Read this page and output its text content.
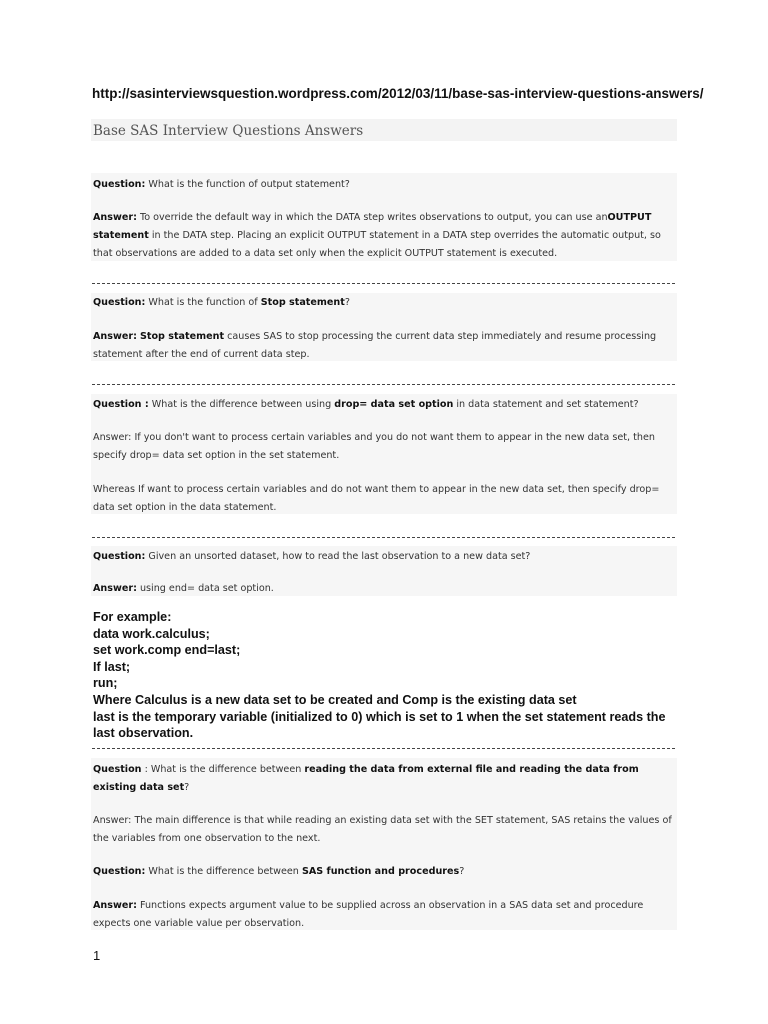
http://sasinterviewsquestion.wordpress.com/2012/03/11/base-sas-interview-questions-answers/
Base SAS Interview Questions Answers
Question: What is the function of output statement?
Answer: To override the default way in which the DATA step writes observations to output, you can use anOUTPUT statement in the DATA step. Placing an explicit OUTPUT statement in a DATA step overrides the automatic output, so that observations are added to a data set only when the explicit OUTPUT statement is executed.
Question: What is the function of Stop statement?
Answer: Stop statement causes SAS to stop processing the current data step immediately and resume processing statement after the end of current data step.
Question : What is the difference between using drop= data set option in data statement and set statement?
Answer: If you don't want to process certain variables and you do not want them to appear in the new data set, then specify drop= data set option in the set statement.
Whereas If want to process certain variables and do not want them to appear in the new data set, then specify drop= data set option in the data statement.
Question: Given an unsorted dataset, how to read the last observation to a new data set?
Answer: using end= data set option.
For example:
data work.calculus;
set work.comp end=last;
If last;
run;
Where Calculus is a new data set to be created and Comp is the existing data set
last is the temporary variable (initialized to 0) which is set to 1 when the set statement reads the last observation.
Question : What is the difference between reading the data from external file and reading the data from existing data set?
Answer: The main difference is that while reading an existing data set with the SET statement, SAS retains the values of the variables from one observation to the next.
Question: What is the difference between SAS function and procedures?
Answer: Functions expects argument value to be supplied across an observation in a SAS data set and procedure expects one variable value per observation.
1
